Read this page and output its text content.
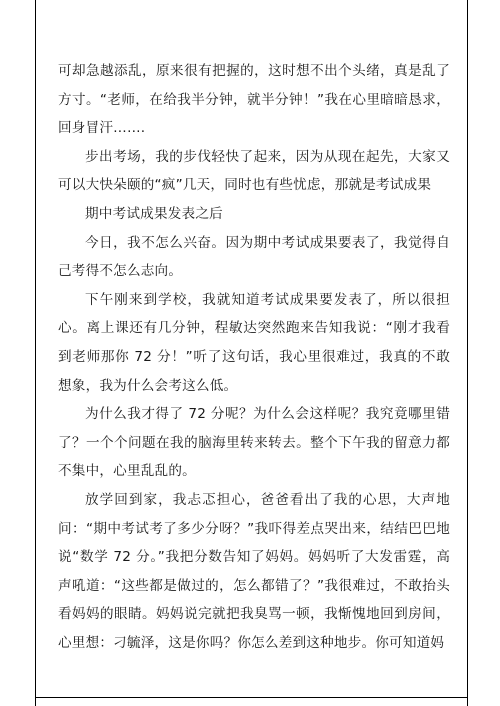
可却急越添乱，原来很有把握的，这时想不出个头绪，真是乱了方寸。“老师，在给我半分钟，就半分钟！”我在心里暗暗恳求，回身冒汗…….

步出考场，我的步伐轻快了起来，因为从现在起先，大家又可以大快朵颐的“疯”几天，同时也有些忧虑，那就是考试成果

期中考试成果发表之后

今日，我不怎么兴奋。因为期中考试成果要表了，我觉得自己考得不怎么志向。

下午刚来到学校，我就知道考试成果要发表了，所以很担心。离上课还有几分钟，程敏达突然跑来告知我说：“刚才我看到老师那你 72 分！”听了这句话，我心里很难过，我真的不敢想象，我为什么会考这么低。

为什么我才得了 72 分呢？为什么会这样呢？我究竟哪里错了？一个个问题在我的脑海里转来转去。整个下午我的留意力都不集中，心里乱乱的。

放学回到家，我忐忑担心，爸爸看出了我的心思，大声地问：“期中考试考了多少分呀？”我吓得差点哭出来，结结巴巴地说“数学 72 分。”我把分数告知了妈妈。妈妈听了大发雷霆，高声吼道：“这些都是做过的，怎么都错了？”我很难过，不敢抬头看妈妈的眼睛。妈妈说完就把我臭骂一顿，我惭愧地回到房间，心里想：刁毓泽，这是你吗？你怎么差到这种地步。你可知道妈
